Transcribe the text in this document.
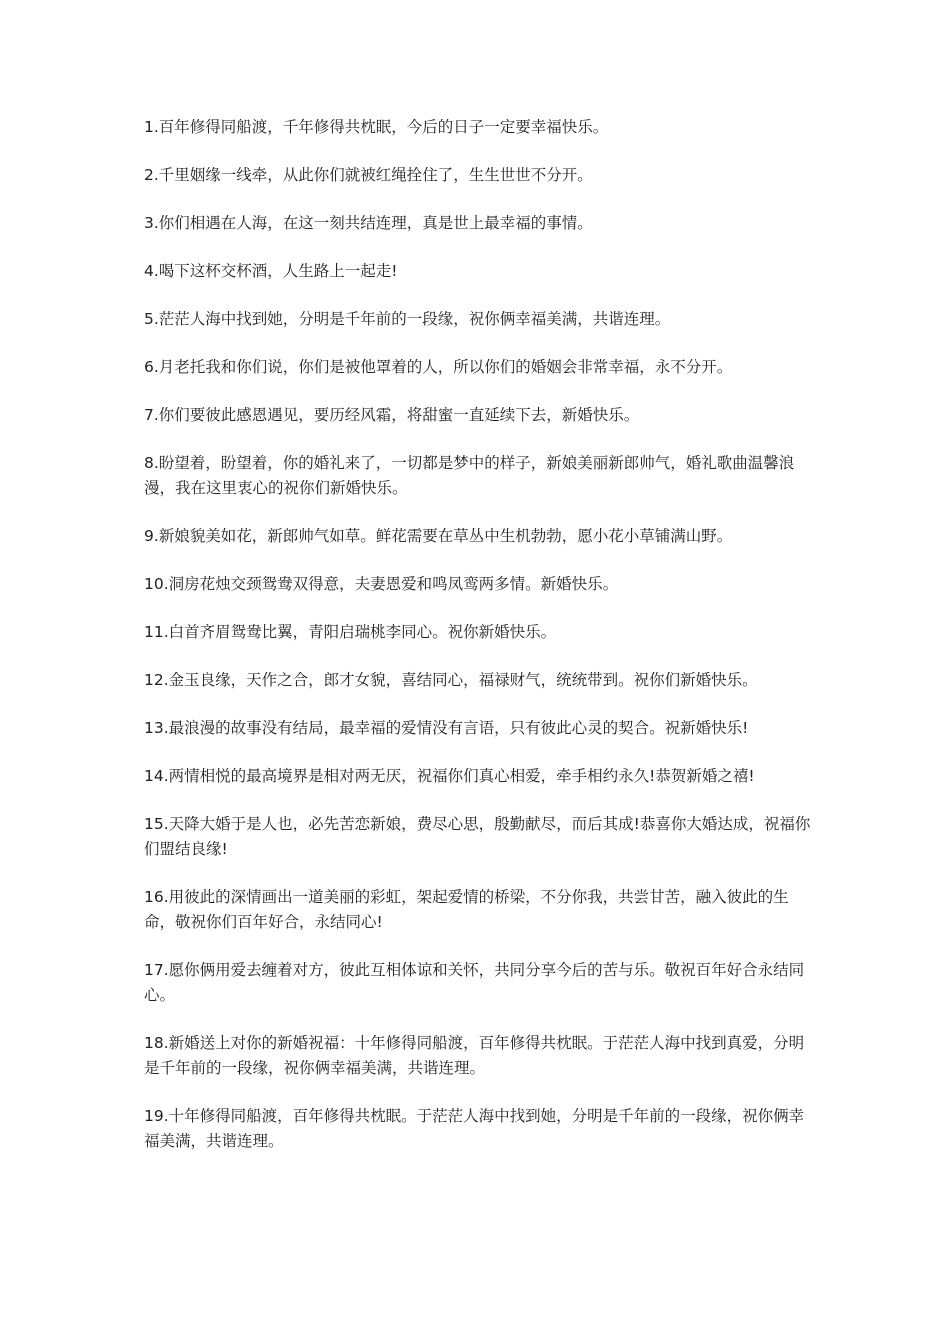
1.百年修得同船渡，千年修得共枕眠，今后的日子一定要幸福快乐。

2.千里姻缘一线牵，从此你们就被红绳拴住了，生生世世不分开。

3.你们相遇在人海，在这一刻共结连理，真是世上最幸福的事情。

4.喝下这杯交杯酒，人生路上一起走!

5.茫茫人海中找到她，分明是千年前的一段缘，祝你俩幸福美满，共谐连理。

6.月老托我和你们说，你们是被他罩着的人，所以你们的婚姻会非常幸福，永不分开。

7.你们要彼此感恩遇见，要历经风霜，将甜蜜一直延续下去，新婚快乐。

8.盼望着，盼望着，你的婚礼来了，一切都是梦中的样子，新娘美丽新郎帅气，婚礼歌曲温馨浪漫，我在这里衷心的祝你们新婚快乐。

9.新娘貌美如花，新郎帅气如草。鲜花需要在草丛中生机勃勃，愿小花小草铺满山野。

10.洞房花烛交颈鸳鸯双得意，夫妻恩爱和鸣凤鸾两多情。新婚快乐。

11.白首齐眉鸳鸯比翼，青阳启瑞桃李同心。祝你新婚快乐。

12.金玉良缘，天作之合，郎才女貌，喜结同心，福禄财气，统统带到。祝你们新婚快乐。

13.最浪漫的故事没有结局，最幸福的爱情没有言语，只有彼此心灵的契合。祝新婚快乐!

14.两情相悦的最高境界是相对两无厌，祝福你们真心相爱，牵手相约永久!恭贺新婚之禧!

15.天降大婚于是人也，必先苦恋新娘，费尽心思，殷勤献尽，而后其成!恭喜你大婚达成，祝福你们盟结良缘!

16.用彼此的深情画出一道美丽的彩虹，架起爱情的桥梁，不分你我，共尝甘苦，融入彼此的生命，敬祝你们百年好合，永结同心!

17.愿你俩用爱去缠着对方，彼此互相体谅和关怀，共同分享今后的苦与乐。敬祝百年好合永结同心。

18.新婚送上对你的新婚祝福：十年修得同船渡，百年修得共枕眠。于茫茫人海中找到真爱，分明是千年前的一段缘，祝你俩幸福美满，共谐连理。

19.十年修得同船渡，百年修得共枕眠。于茫茫人海中找到她，分明是千年前的一段缘，祝你俩幸福美满，共谐连理。
